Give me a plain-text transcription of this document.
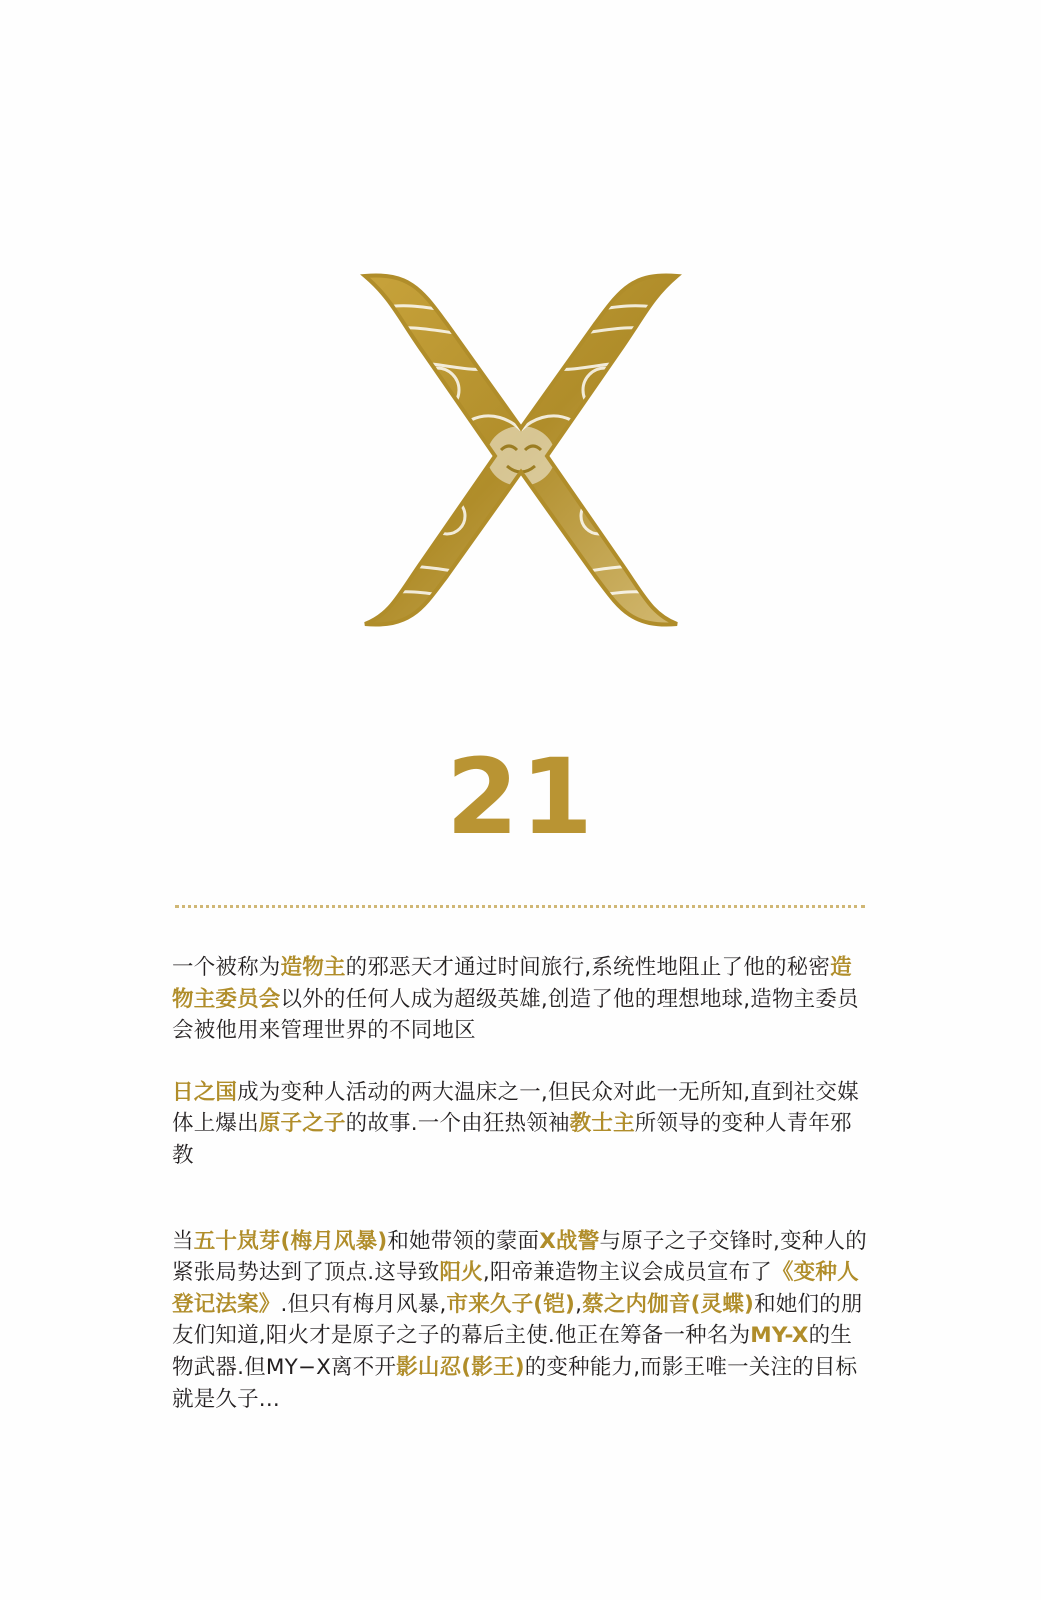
21

一个被称为造物主的邪恶天才通过时间旅行,系统性地阻止了他的秘密造物主委员会以外的任何人成为超级英雄,创造了他的理想地球,造物主委员会被他用来管理世界的不同地区

日之国成为变种人活动的两大温床之一,但民众对此一无所知,直到社交媒体上爆出原子之子的故事.一个由狂热领袖教士主所领导的变种人青年邪教

当五十岚芽(梅月风暴)和她带领的蒙面X战警与原子之子交锋时,变种人的紧张局势达到了顶点.这导致阳火,阳帝兼造物主议会成员宣布了《变种人登记法案》.但只有梅月风暴,市来久子(铠),蔡之内伽音(灵蝶)和她们的朋友们知道,阳火才是原子之子的幕后主使.他正在筹备一种名为MY-X的生物武器.但MY−X离不开影山忍(影王)的变种能力,而影王唯一关注的目标就是久子...
